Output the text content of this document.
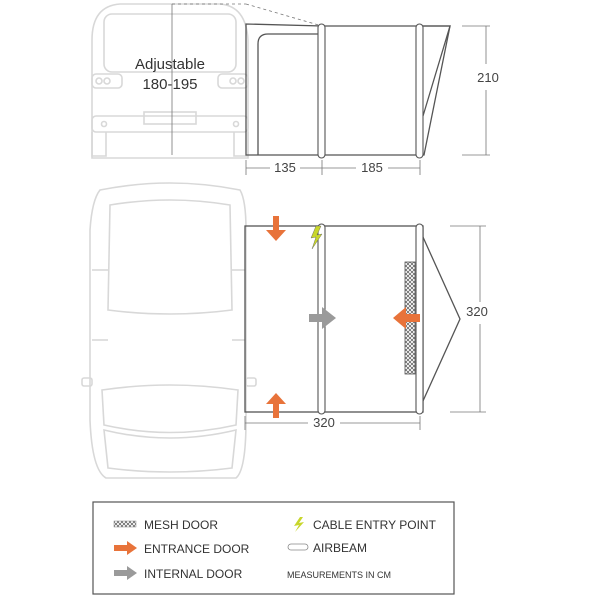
Adjustable
180-195
135	185
210
320
320
MESH DOOR
ENTRANCE DOOR
INTERNAL DOOR
CABLE ENTRY POINT
AIRBEAM
MEASUREMENTS IN CM
